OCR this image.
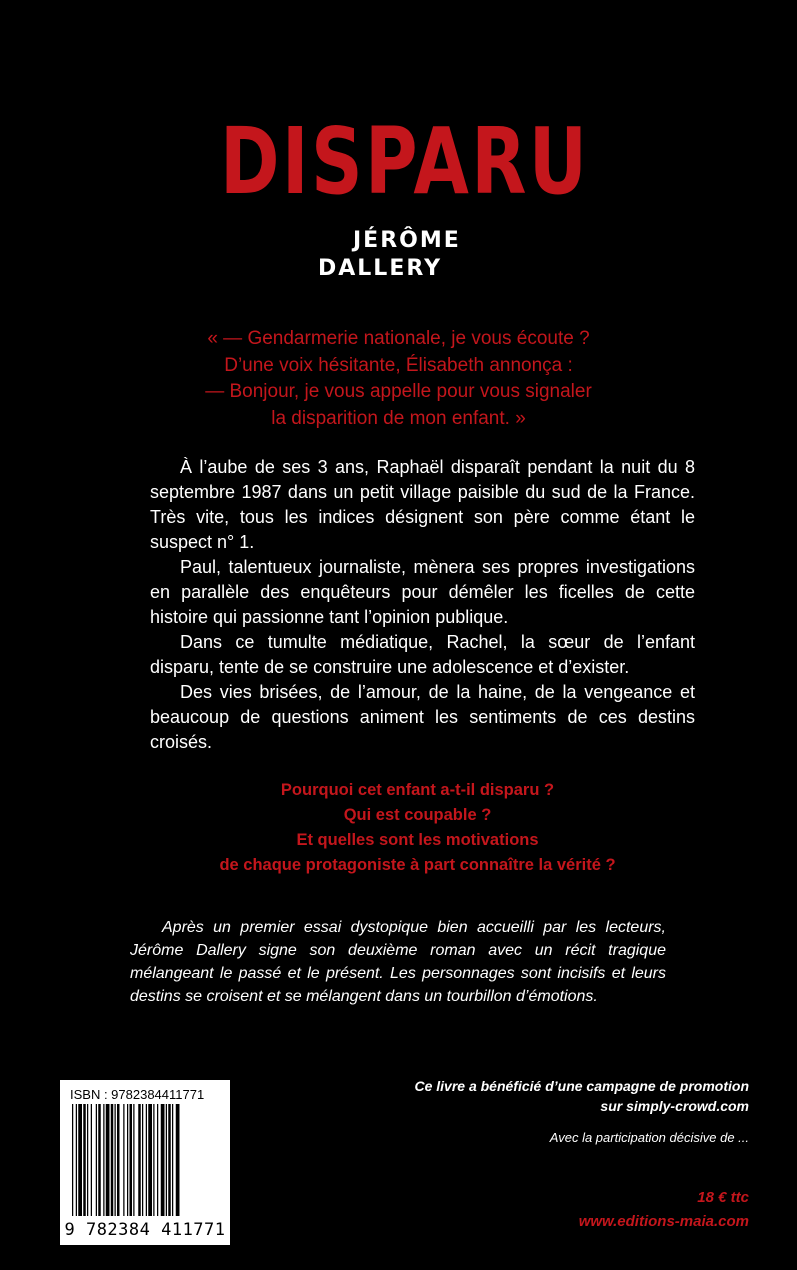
DISPARU
JÉRÔME
DALLERY
« — Gendarmerie nationale, je vous écoute ?
D’une voix hésitante, Élisabeth annonça :
— Bonjour, je vous appelle pour vous signaler
la disparition de mon enfant. »

À l’aube de ses 3 ans, Raphaël disparaît pendant la nuit du 8 septembre 1987 dans un petit village paisible du sud de la France. Très vite, tous les indices désignent son père comme étant le suspect n° 1.

Paul, talentueux journaliste, mènera ses propres investigations en parallèle des enquêteurs pour démêler les ficelles de cette histoire qui passionne tant l’opinion publique.

Dans ce tumulte médiatique, Rachel, la sœur de l’enfant disparu, tente de se construire une adolescence et d’exister.

Des vies brisées, de l’amour, de la haine, de la vengeance et beaucoup de questions animent les sentiments de ces destins croisés.

Pourquoi cet enfant a-t-il disparu ?
Qui est coupable ?
Et quelles sont les motivations
de chaque protagoniste à part connaître la vérité ?
Après un premier essai dystopique bien accueilli par les lecteurs, Jérôme Dallery signe son deuxième roman avec un récit tragique mélangeant le passé et le présent. Les personnages sont incisifs et leurs destins se croisent et se mélangent dans un tourbillon d’émotions.
ISBN : 9782384411771
9 782384 411771
Ce livre a bénéficié d’une campagne de promotion
sur simply-crowd.com
Avec la participation décisive de ...
18 € ttc
www.editions-maia.com
